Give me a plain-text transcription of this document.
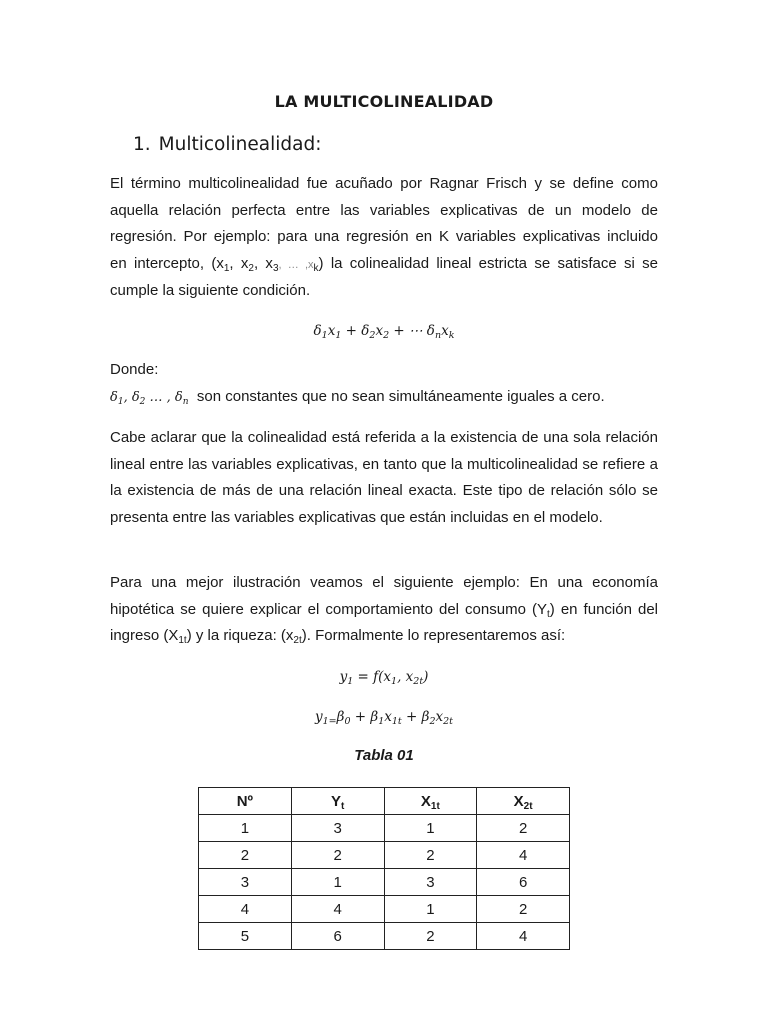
LA MULTICOLINEALIDAD
1. Multicolinealidad:
El término multicolinealidad fue acuñado por Ragnar Frisch y se define como
aquella relación perfecta entre las variables explicativas de un modelo de
regresión. Por ejemplo: para una regresión en K variables explicativas incluido
en intercepto, ($x_1$, $x_2$, $x_3$, … $,x_k$) la colinealidad lineal estricta se satisface si se
cumple la siguiente condición.
$\delta_1x_1 + \delta_2x_2$ + ⋯ $\delta_nx_k$
Donde:
$\delta_1$, $\delta_2$ … , $\delta_n$ son constantes que no sean simultáneamente iguales a cero.

Cabe aclarar que la colinealidad está referida a la existencia de una sola relación lineal entre las variables explicativas, en tanto que la multicolinealidad se refiere a la existencia de más de una relación lineal exacta. Este tipo de relación sólo se presenta entre las variables explicativas que están incluidas en el modelo.

Para una mejor ilustración veamos el siguiente ejemplo: En una economía
hipotética se quiere explicar el comportamiento del consumo $(Y_t)$ en función del
ingreso $(X_{1t})$ y la riqueza: $(x_{2t})$. Formalmente lo representaremos así:
$y_1 = f(x_1$, $x_{2t}$)
$y_{1=}\beta_0 + \beta_1x_{1t} + \beta_2x_{2t}$
Tabla 01
Nº	$Y_t$	$X_{1t}$	$X_{2t}$
1	3	1	2
2	2	2	4
3	1	3	6
4	4	1	2
5	6	2	4
